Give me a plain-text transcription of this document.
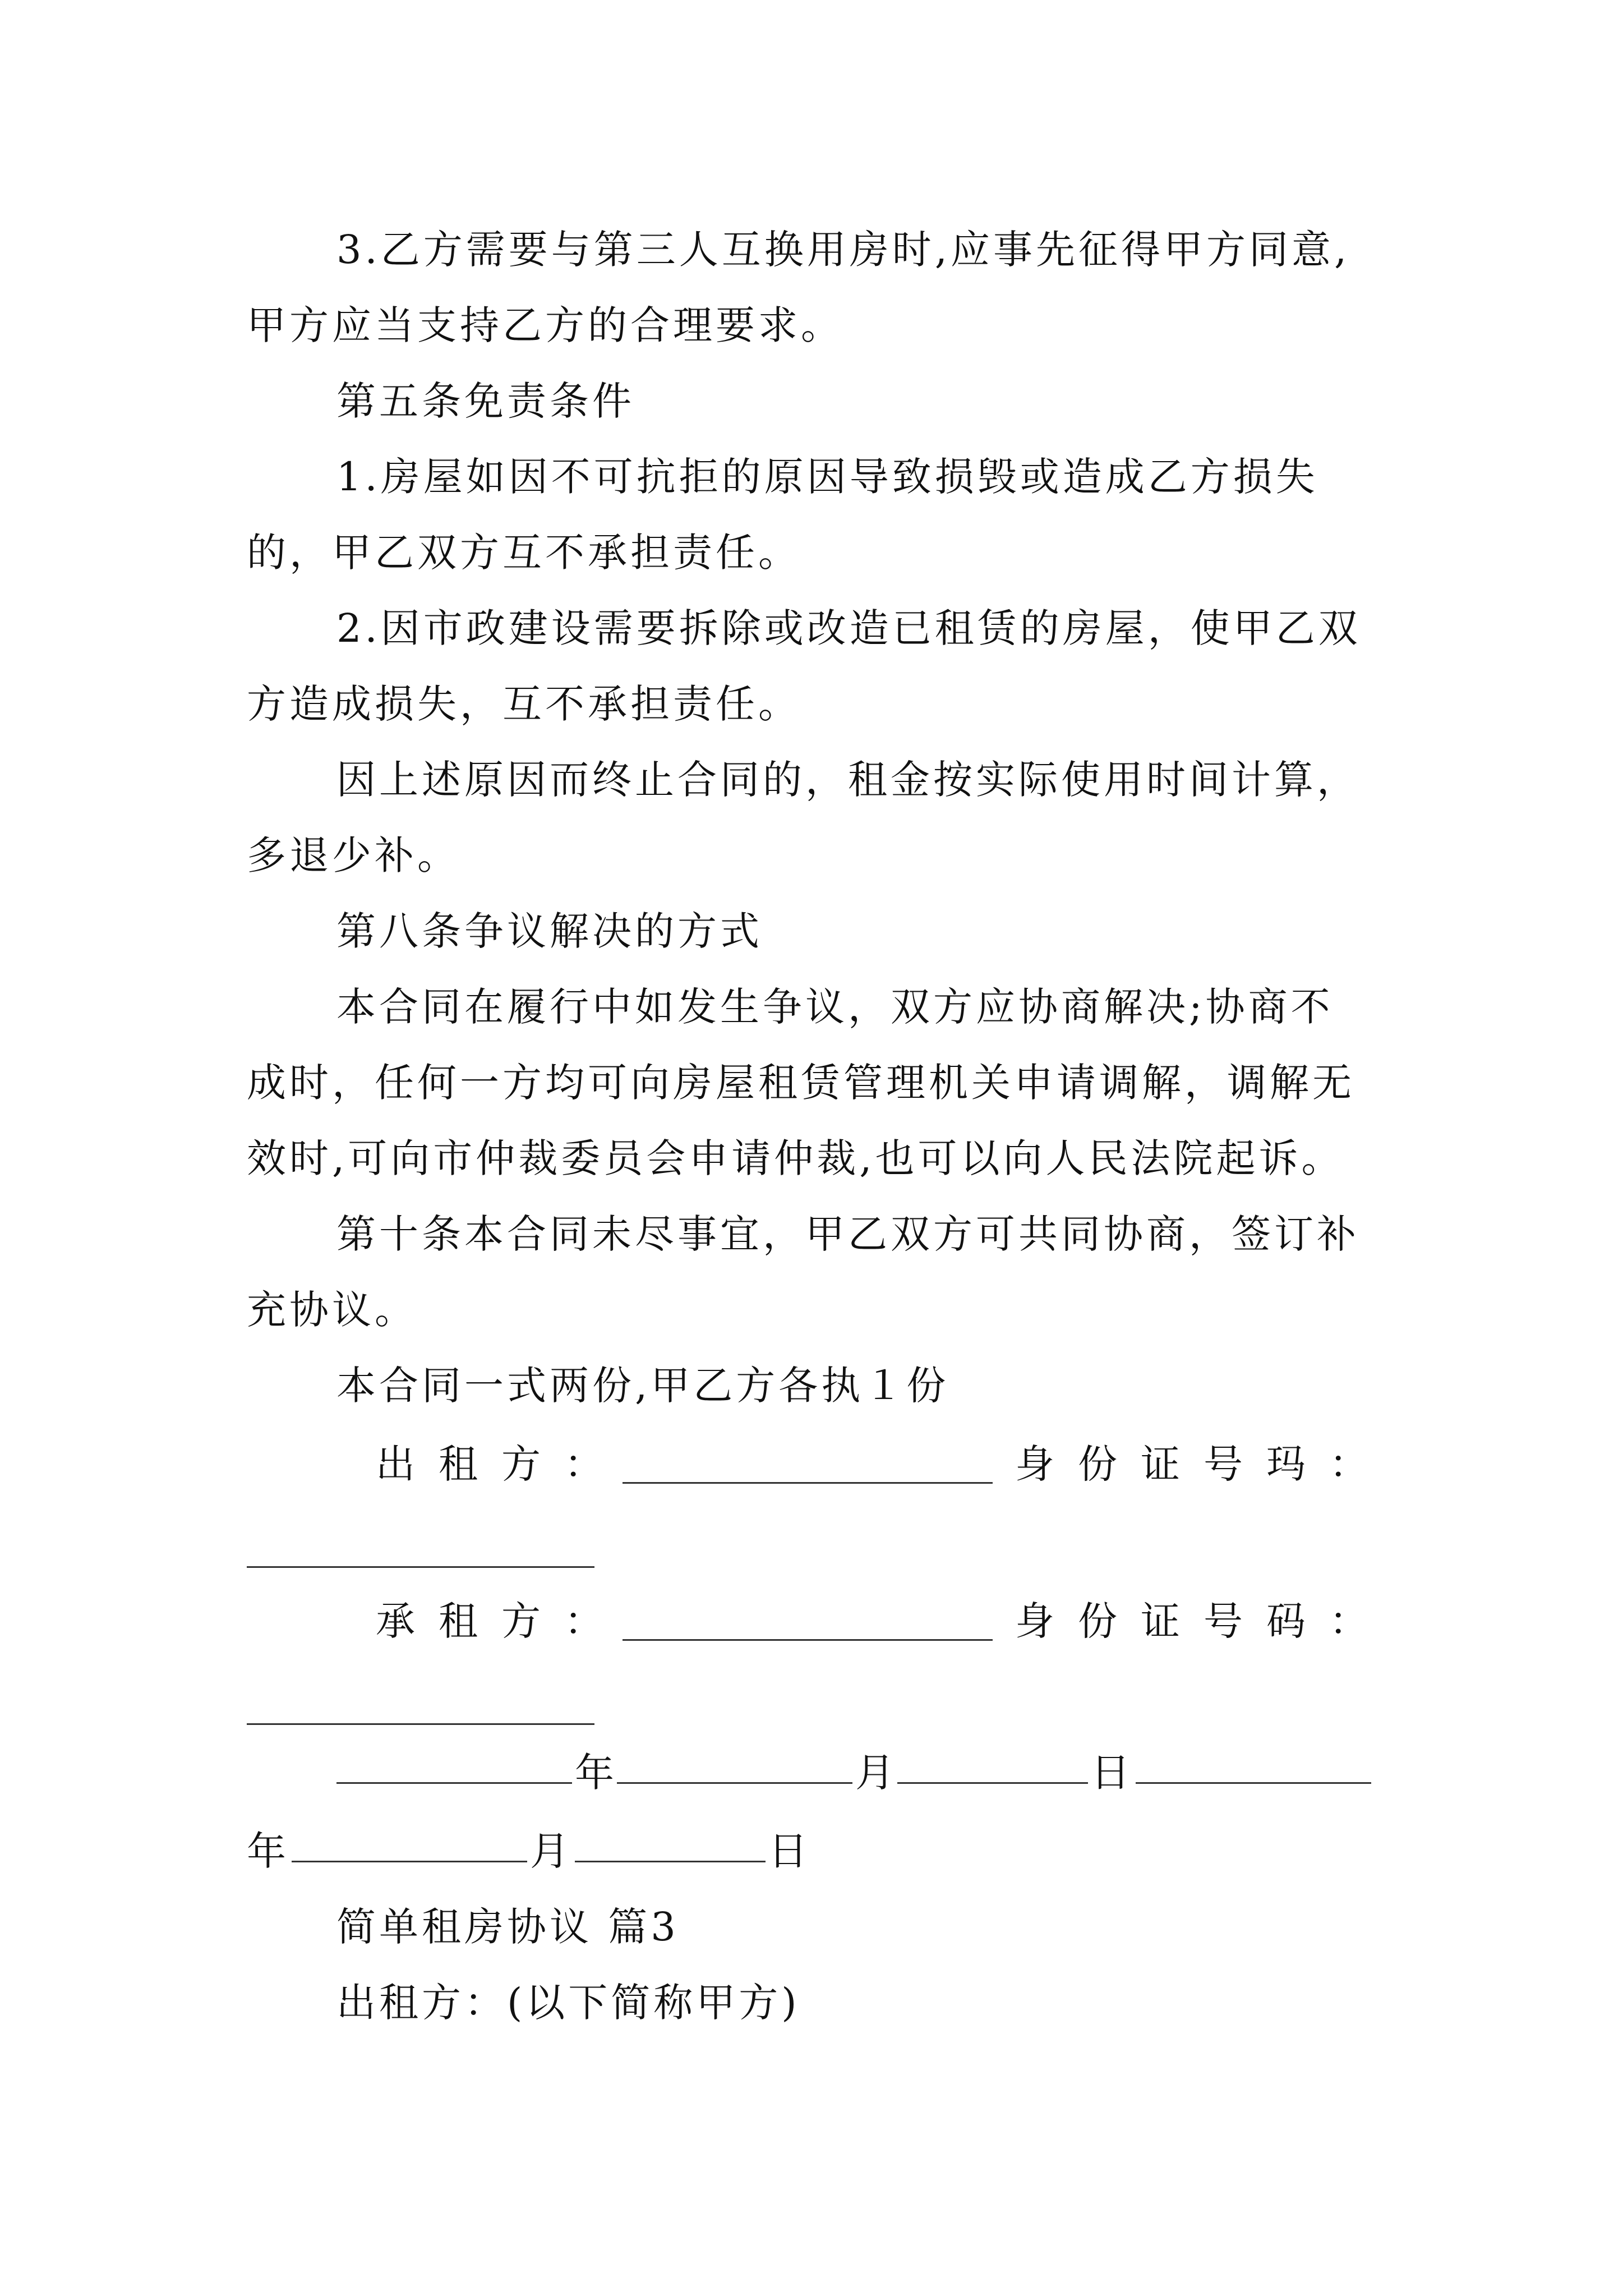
3.乙方需要与第三人互换用房时,应事先征得甲方同意,
甲方应当支持乙方的合理要求。
第五条免责条件
1.房屋如因不可抗拒的原因导致损毁或造成乙方损失
的，甲乙双方互不承担责任。
2.因市政建设需要拆除或改造已租赁的房屋，使甲乙双
方造成损失，互不承担责任。
因上述原因而终止合同的，租金按实际使用时间计算，
多退少补。
第八条争议解决的方式
本合同在履行中如发生争议，双方应协商解决;协商不
成时，任何一方均可向房屋租赁管理机关申请调解，调解无
效时,可向市仲裁委员会申请仲裁,也可以向人民法院起诉。
第十条本合同未尽事宜，甲乙双方可共同协商，签订补
充协议。
本合同一式两份,甲乙方各执１份
出租方：	身份证号玛：
承租方：	身份证号码：
年	月	日
年	月	日
简单租房协议 篇3
出租方：(以下简称甲方)
